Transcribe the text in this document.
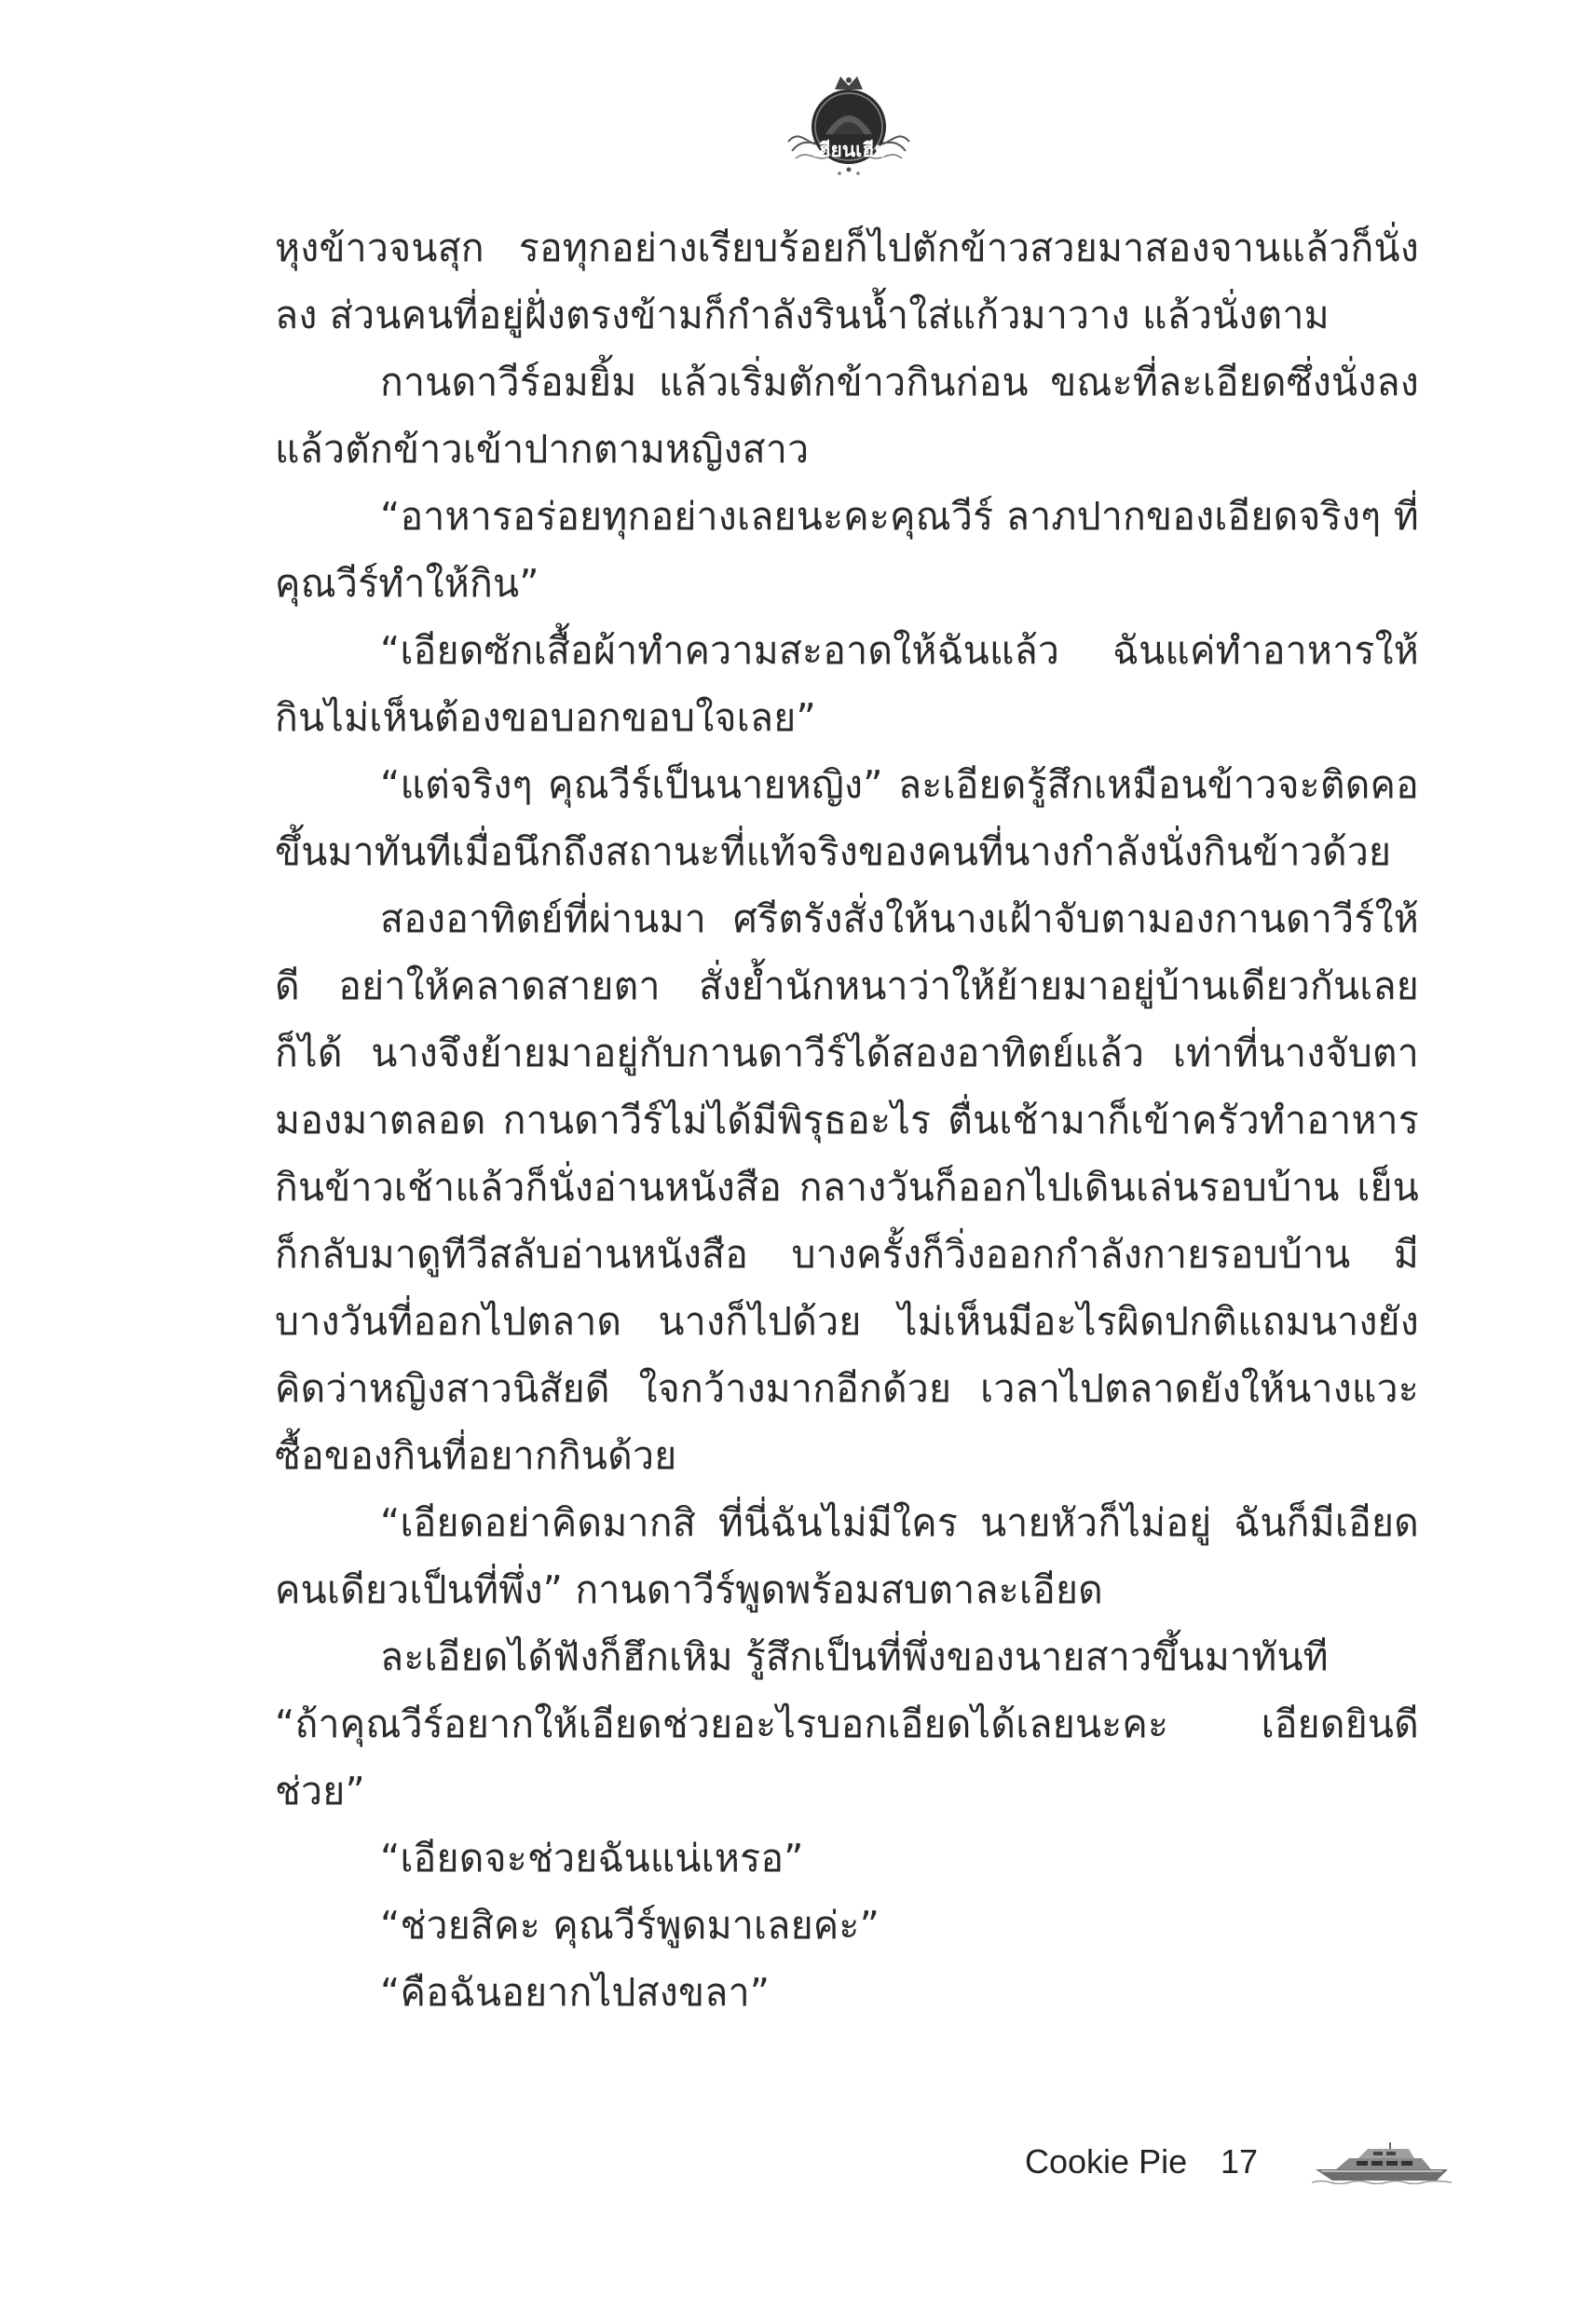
เฮียนเฮีย

หุงข้าวจนสุก รอทุกอย่างเรียบร้อยก็ไปตักข้าวสวยมาสองจานแล้วก็นั่งลง ส่วนคนที่อยู่ฝั่งตรงข้ามก็กำลังรินน้ำใส่แก้วมาวาง แล้วนั่งตาม

กานดาวีร์อมยิ้ม แล้วเริ่มตักข้าวกินก่อน ขณะที่ละเอียดซึ่งนั่งลงแล้วตักข้าวเข้าปากตามหญิงสาว

“อาหารอร่อยทุกอย่างเลยนะคะคุณวีร์ ลาภปากของเอียดจริงๆ ที่คุณวีร์ทำให้กิน”

“เอียดซักเสื้อผ้าทำความสะอาดให้ฉันแล้ว ฉันแค่ทำอาหารให้กินไม่เห็นต้องขอบอกขอบใจเลย”

“แต่จริงๆ คุณวีร์เป็นนายหญิง” ละเอียดรู้สึกเหมือนข้าวจะติดคอขึ้นมาทันทีเมื่อนึกถึงสถานะที่แท้จริงของคนที่นางกำลังนั่งกินข้าวด้วย

สองอาทิตย์ที่ผ่านมา ศรีตรังสั่งให้นางเฝ้าจับตามองกานดาวีร์ให้ดี อย่าให้คลาดสายตา สั่งย้ำนักหนาว่าให้ย้ายมาอยู่บ้านเดียวกันเลยก็ได้ นางจึงย้ายมาอยู่กับกานดาวีร์ได้สองอาทิตย์แล้ว เท่าที่นางจับตามองมาตลอด กานดาวีร์ไม่ได้มีพิรุธอะไร ตื่นเช้ามาก็เข้าครัวทำอาหาร กินข้าวเช้าแล้วก็นั่งอ่านหนังสือ กลางวันก็ออกไปเดินเล่นรอบบ้าน เย็นก็กลับมาดูทีวีสลับอ่านหนังสือ บางครั้งก็วิ่งออกกำลังกายรอบบ้าน มีบางวันที่ออกไปตลาด นางก็ไปด้วย ไม่เห็นมีอะไรผิดปกติแถมนางยังคิดว่าหญิงสาวนิสัยดี ใจกว้างมากอีกด้วย เวลาไปตลาดยังให้นางแวะซื้อของกินที่อยากกินด้วย

“เอียดอย่าคิดมากสิ ที่นี่ฉันไม่มีใคร นายหัวก็ไม่อยู่ ฉันก็มีเอียดคนเดียวเป็นที่พึ่ง” กานดาวีร์พูดพร้อมสบตาละเอียด

ละเอียดได้ฟังก็ฮึกเหิม รู้สึกเป็นที่พึ่งของนายสาวขึ้นมาทันที

“ถ้าคุณวีร์อยากให้เอียดช่วยอะไรบอกเอียดได้เลยนะคะ เอียดยินดีช่วย”

“เอียดจะช่วยฉันแน่เหรอ”

“ช่วยสิคะ คุณวีร์พูดมาเลยค่ะ”

“คือฉันอยากไปสงขลา”

Cookie Pie 17
